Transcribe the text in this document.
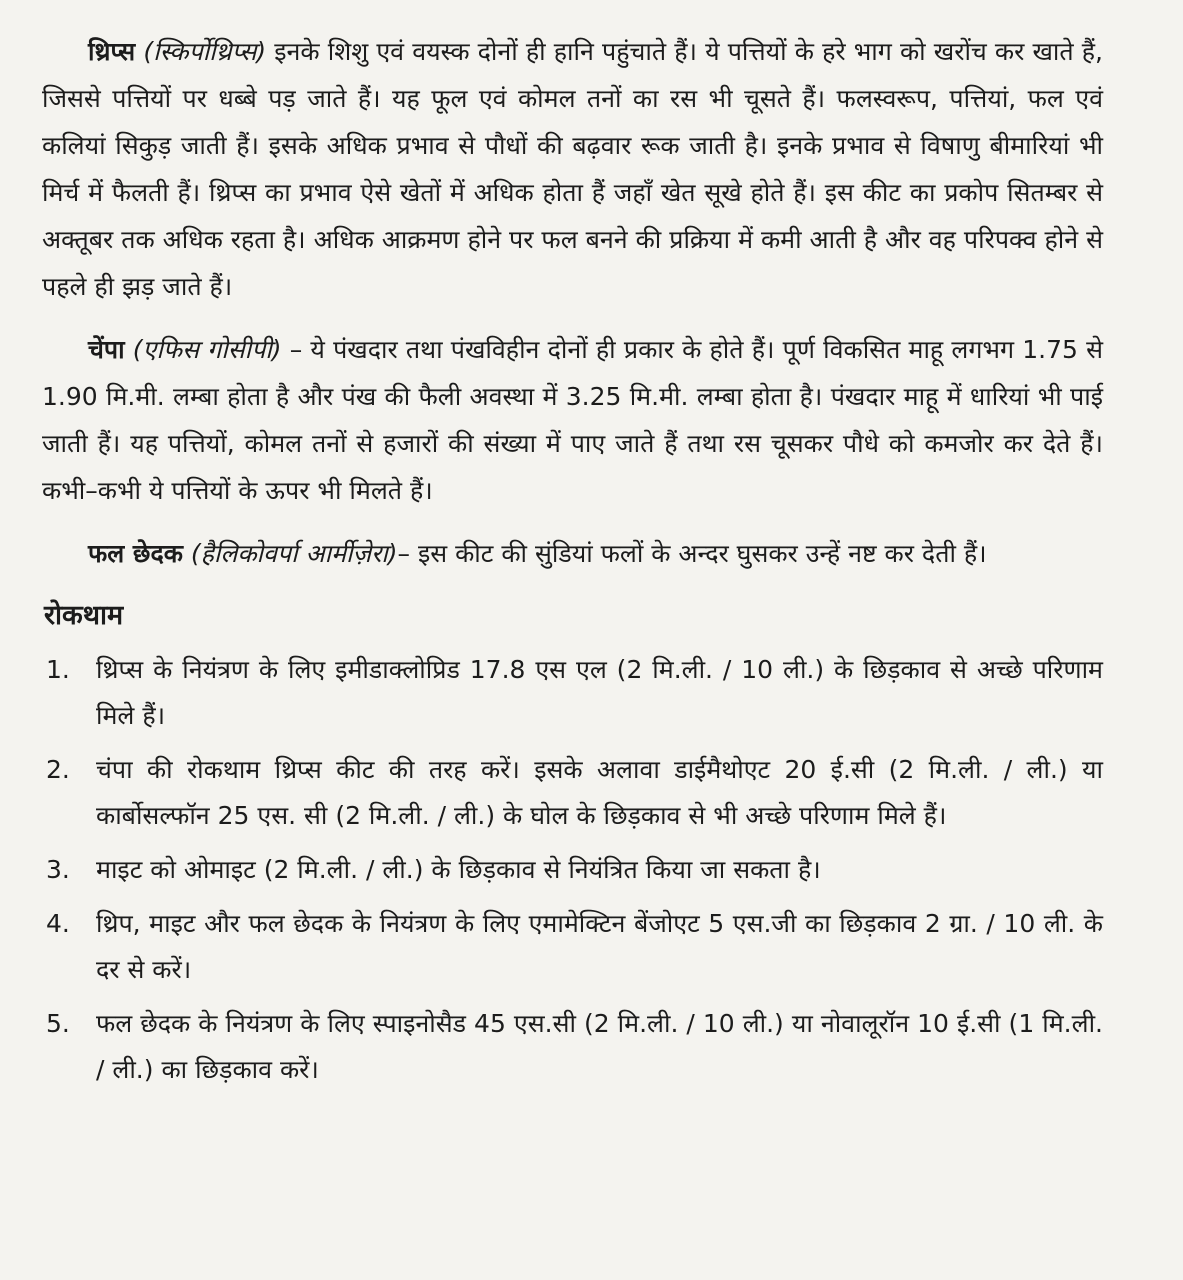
थ्रिप्स (स्किर्पोथ्रिप्स) इनके शिशु एवं वयस्क दोनों ही हानि पहुंचाते हैं। ये पत्तियों के हरे भाग को खरोंच कर खाते हैं, जिससे पत्तियों पर धब्बे पड़ जाते हैं। यह फूल एवं कोमल तनों का रस भी चूसते हैं। फलस्वरूप, पत्तियां, फल एवं कलियां सिकुड़ जाती हैं। इसके अधिक प्रभाव से पौधों की बढ़वार रूक जाती है। इनके प्रभाव से विषाणु बीमारियां भी मिर्च में फैलती हैं। थ्रिप्स का प्रभाव ऐसे खेतों में अधिक होता हैं जहाँ खेत सूखे होते हैं। इस कीट का प्रकोप सितम्बर से अक्तूबर तक अधिक रहता है। अधिक आक्रमण होने पर फल बनने की प्रक्रिया में कमी आती है और वह परिपक्व होने से पहले ही झड़ जाते हैं।

चेंपा (एफिस गोसीपी) – ये पंखदार तथा पंखविहीन दोनों ही प्रकार के होते हैं। पूर्ण विकसित माहू लगभग 1.75 से 1.90 मि.मी. लम्बा होता है और पंख की फैली अवस्था में 3.25 मि.मी. लम्बा होता है। पंखदार माहू में धारियां भी पाई जाती हैं। यह पत्तियों, कोमल तनों से हजारों की संख्या में पाए जाते हैं तथा रस चूसकर पौधे को कमजोर कर देते हैं। कभी–कभी ये पत्तियों के ऊपर भी मिलते हैं।

फल छेदक (हैलिकोवर्पा आर्मीज़ेरा)– इस कीट की सुंडियां फलों के अन्दर घुसकर उन्हें नष्ट कर देती हैं।

रोकथाम
1.	थ्रिप्स के नियंत्रण के लिए इमीडाक्लोप्रिड 17.8 एस एल (2 मि.ली. / 10 ली.) के छिड़काव से अच्छे परिणाम मिले हैं।
2.	चंपा की रोकथाम थ्रिप्स कीट की तरह करें। इसके अलावा डाईमैथोएट 20 ई.सी (2 मि.ली. / ली.) या कार्बोसल्फॉन 25 एस. सी (2 मि.ली. / ली.) के घोल के छिड़काव से भी अच्छे परिणाम मिले हैं।
3.	माइट को ओमाइट (2 मि.ली. / ली.) के छिड़काव से नियंत्रित किया जा सकता है।
4.	थ्रिप, माइट और फल छेदक के नियंत्रण के लिए एमामेक्टिन बेंजोएट 5 एस.जी का छिड़काव 2 ग्रा. / 10 ली. के दर से करें।
5.	फल छेदक के नियंत्रण के लिए स्पाइनोसैड 45 एस.सी (2 मि.ली. / 10 ली.) या नोवालूरॉन 10 ई.सी (1 मि.ली. / ली.) का छिड़काव करें।
